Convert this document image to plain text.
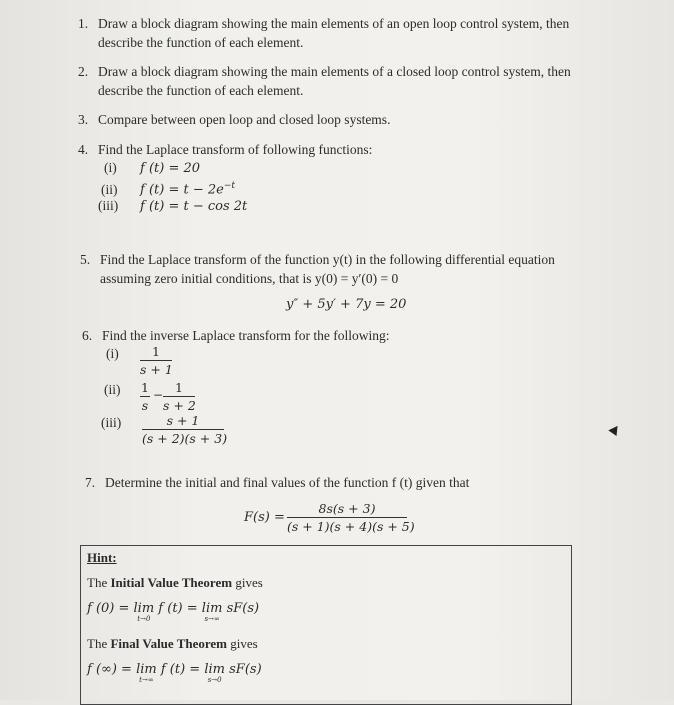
1. Draw a block diagram showing the main elements of an open loop control system, then
describe the function of each element.
2. Draw a block diagram showing the main elements of a closed loop control system, then
describe the function of each element.
3. Compare between open loop and closed loop systems.
4. Find the Laplace transform of following functions:
(i) f (t) = 20
(ii) f $(t) = t - 2e^{-t}$
(iii) f (t) = t − cos 2t
5. Find the Laplace transform of the function y(t) in the following differential equation
assuming zero initial conditions, that is y(0) = y′(0) = 0
y″ + 5y′ + 7y = 20
6. Find the inverse Laplace transform for the following:
(i)	1
s + 1
(ii) 1
s
− 1
s + 2
(iii)	s + 1
(s + 2)(s + 3)
7. Determine the initial and final values of the function f (t) given that
F(s) =
8s(s + 3)
(s + 1)(s + 4)(s + 5)
Hint:
The Initial Value Theorem gives
f (0) = lim
$^{t\to 0}$ f (t) = lim
$^{s\to\infty}$ sF(s)
The Final Value Theorem gives
f (∞) = lim
$^{t\to\infty}$ f (t) = lim
$^{s\to 0}$ sF(s)
